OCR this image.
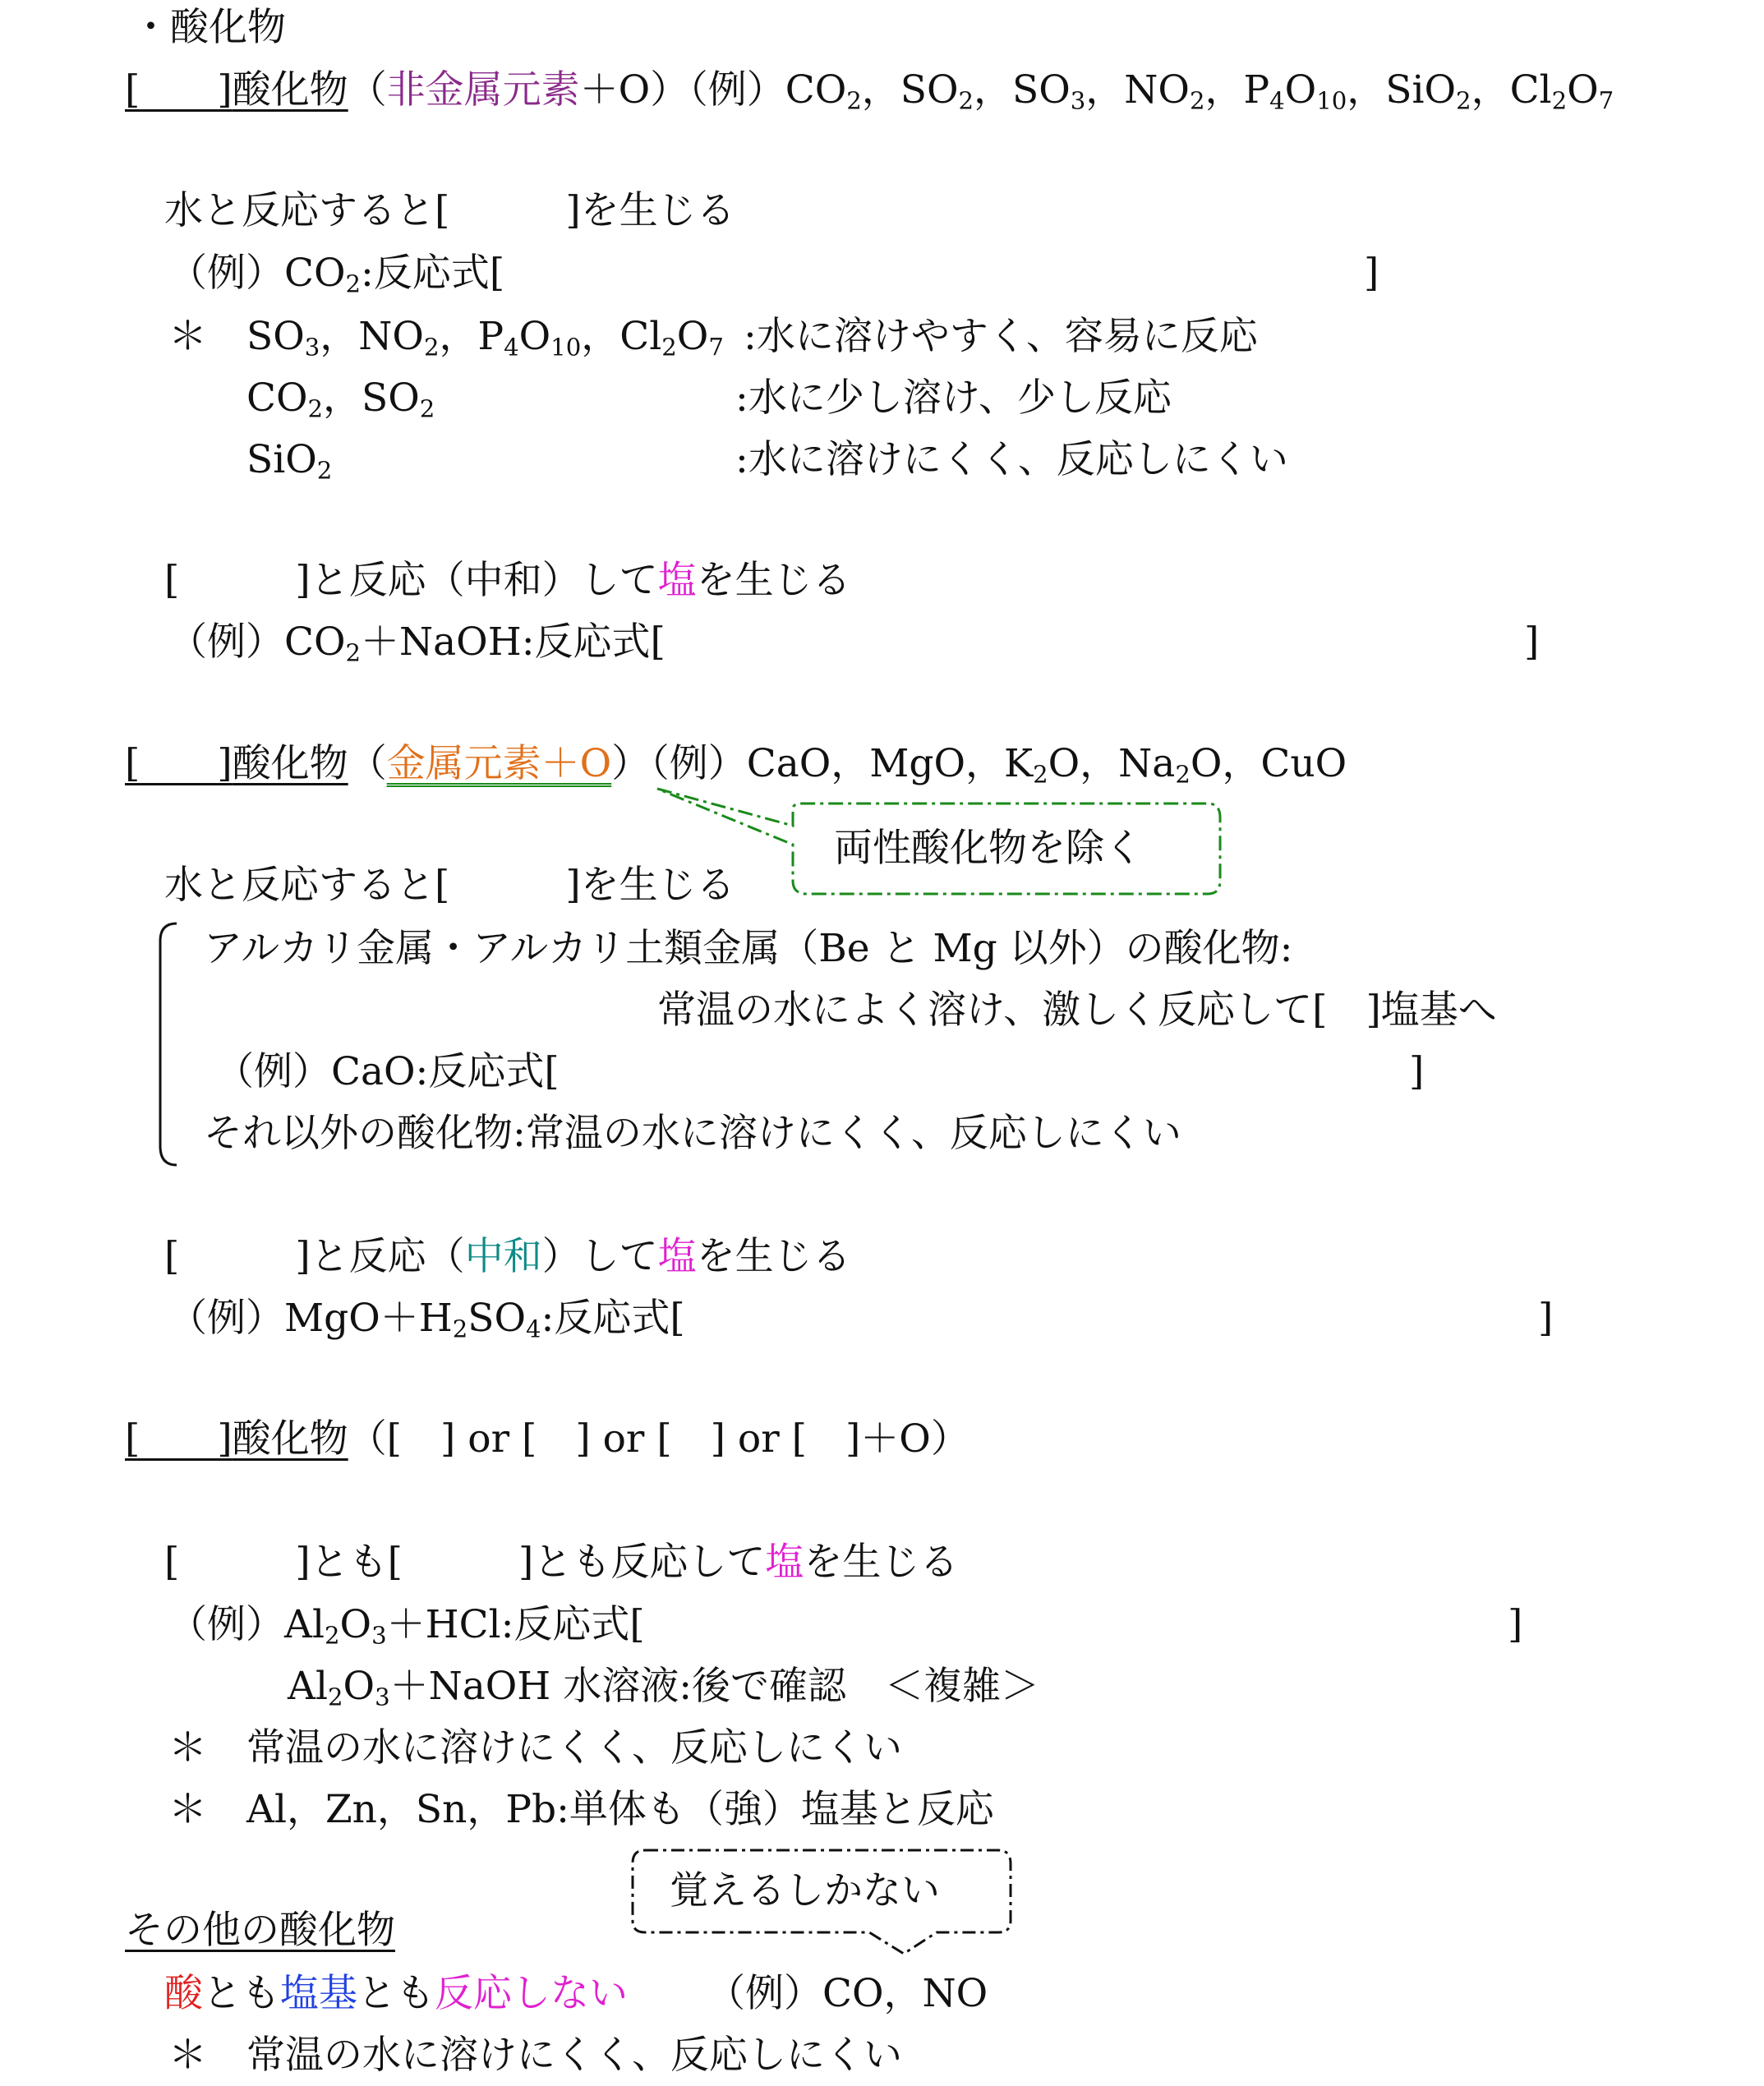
・酸化物
[　　]酸化物（非金属元素＋O）（例）$CO_2$，$SO_2$，$SO_3$，$NO_2$，$P_4O_{10}$，SiO$_2$，$Cl_2O_7$
水と反応すると[　　　]を生じる
（例）$CO_2$:反応式[	]
＊ $SO_3$，$NO_2$，$P_4O_{10}$，$Cl_2O_7$ :水に溶けやすく、容易に反応
$CO_2$，$SO_2$	:水に少し溶け、少し反応
SiO$_2$	:水に溶けにくく、反応しにくい
[　　　]と反応（中和）して塩を生じる
（例）$CO_2+NaOH$:反応式[	]
[　　]酸化物（金属元素＋O）（例）CaO，MgO，$K_2O$，$Na_2O$，CuO
両性酸化物を除く
水と反応すると[　　　]を生じる
アルカリ金属・アルカリ土類金属（Be と Mg 以外）の酸化物:
常温の水によく溶け、激しく反応して[　]塩基へ
（例）CaO:反応式[	]
それ以外の酸化物:常温の水に溶けにくく、反応しにくい
[　　　]と反応（中和）して塩を生じる
（例）$MgO+H_2SO_4$:反応式[	]
[　　]酸化物（[　] or [　] or [　] or [　]＋O）
[　　　]とも[　　　]とも反応して塩を生じる
（例）$Al_2O_3+HCl$:反応式[	]
$Al_2O_3+NaOH$ 水溶液:後で確認　＜複雑＞
＊ 常温の水に溶けにくく、反応しにくい
＊ Al，Zn，Sn，Pb:単体も（強）塩基と反応
覚えるしかない
その他の酸化物
酸とも塩基とも反応しない （例）CO，NO
＊ 常温の水に溶けにくく、反応しにくい
